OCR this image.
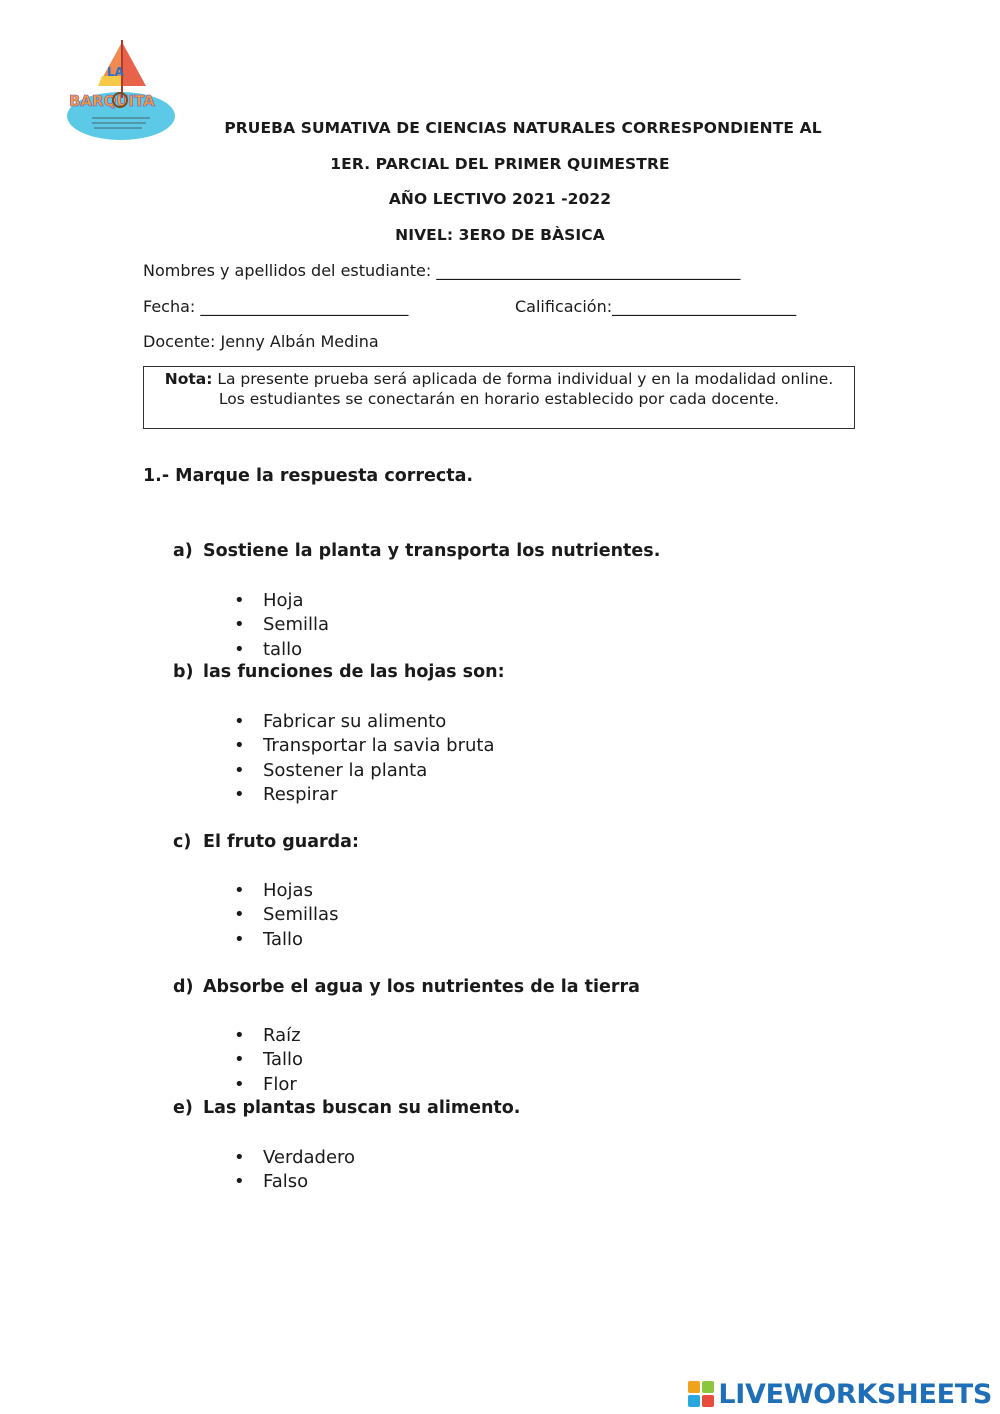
LA
BARQUITA
PRUEBA SUMATIVA DE CIENCIAS NATURALES CORRESPONDIENTE AL
1ER. PARCIAL DEL PRIMER QUIMESTRE
AÑO LECTIVO 2021 -2022
NIVEL: 3ERO DE BÀSICA
Nombres y apellidos del estudiante: ______________________________________
Fecha: __________________________	Calificación:_______________________
Docente: Jenny Albán Medina
Nota: La presente prueba será aplicada de forma individual y en la modalidad online. Los estudiantes se conectarán en horario establecido por cada docente.
1.- Marque la respuesta correcta.
a) Sostiene la planta y transporta los nutrientes.
• Hoja
• Semilla
• tallo
b) las funciones de las hojas son:
• Fabricar su alimento
• Transportar la savia bruta
• Sostener la planta
• Respirar
c) El fruto guarda:
• Hojas
• Semillas
• Tallo
d) Absorbe el agua y los nutrientes de la tierra
• Raíz
• Tallo
• Flor
e) Las plantas buscan su alimento.
• Verdadero
• Falso
LIVEWORKSHEETS
